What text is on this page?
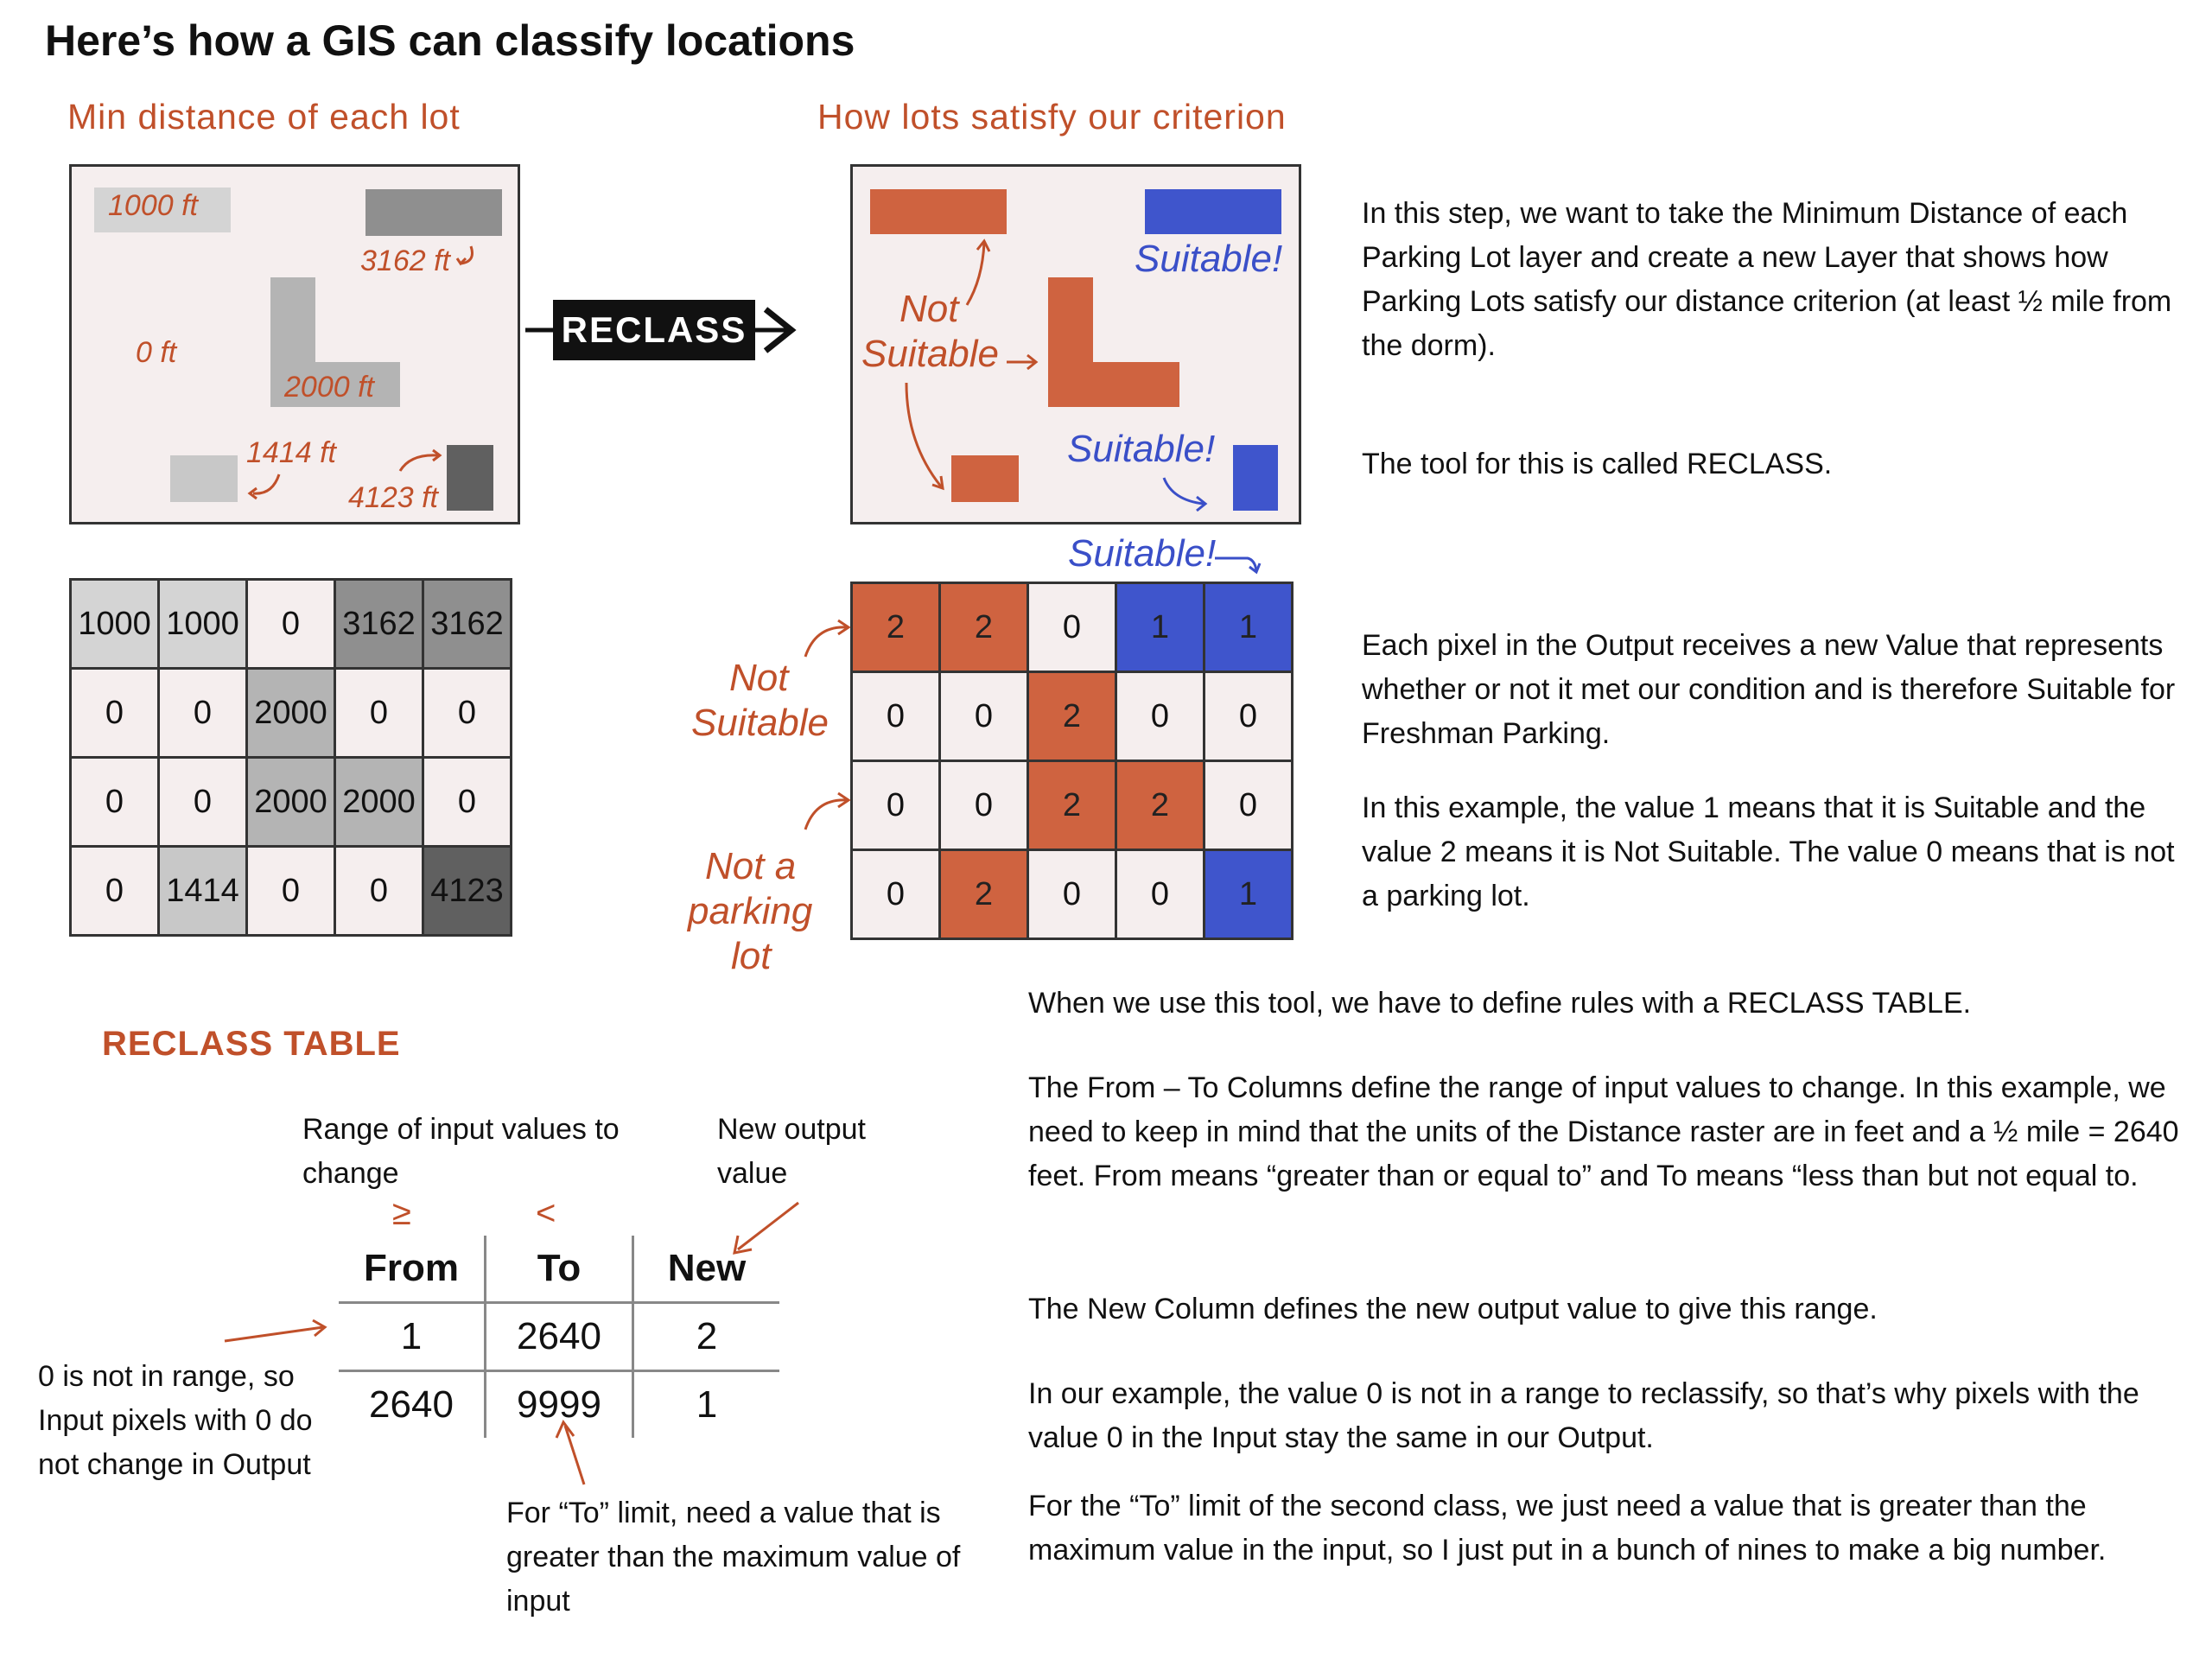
Here’s how a GIS can classify locations
Min distance of each lot	How lots satisfy our criterion
1000 ft
3162 ft
0 ft
2000 ft
1414 ft
4123 ft
RECLASS
Suitable!
Not
Suitable
Suitable!
Suitable!
1000	1000	0	3162	3162
0	0	2000	0	0
0	0	2000	2000	0
0	1414	0	0	4123
2	2	0	1	1
0	0	2	0	0
0	0	2	2	0
0	2	0	0	1
Not
Suitable
Not a
parking
lot
In this step, we want to take the Minimum Distance of each Parking Lot layer and create a new Layer that shows how Parking Lots satisfy our distance criterion (at least ½ mile from the dorm).
The tool for this is called RECLASS.
Each pixel in the Output receives a new Value that represents whether or not it met our condition and is therefore Suitable for Freshman Parking.
In this example, the value 1 means that it is Suitable and the value 2 means it is Not Suitable. The value 0 means that is not a parking lot.
When we use this tool, we have to define rules with a RECLASS TABLE.
The From – To Columns define the range of input values to change. In this example, we need to keep in mind that the units of the Distance raster are in feet and a ½ mile = 2640 feet. From means “greater than or equal to” and To means “less than but not equal to.
The New Column defines the new output value to give this range.
In our example, the value 0 is not in a range to reclassify, so that’s why pixels with the value 0 in the Input stay the same in our Output.
For the “To” limit of the second class, we just need a value that is greater than the maximum value in the input, so I just put in a bunch of nines to make a big number.
RECLASS TABLE
Range of input values to change
New output value
≥	<
From	To	New
1	2640	2
2640	9999	1
0 is not in range, so Input pixels with 0 do not change in Output
For “To” limit, need a value that is greater than the maximum value of input
